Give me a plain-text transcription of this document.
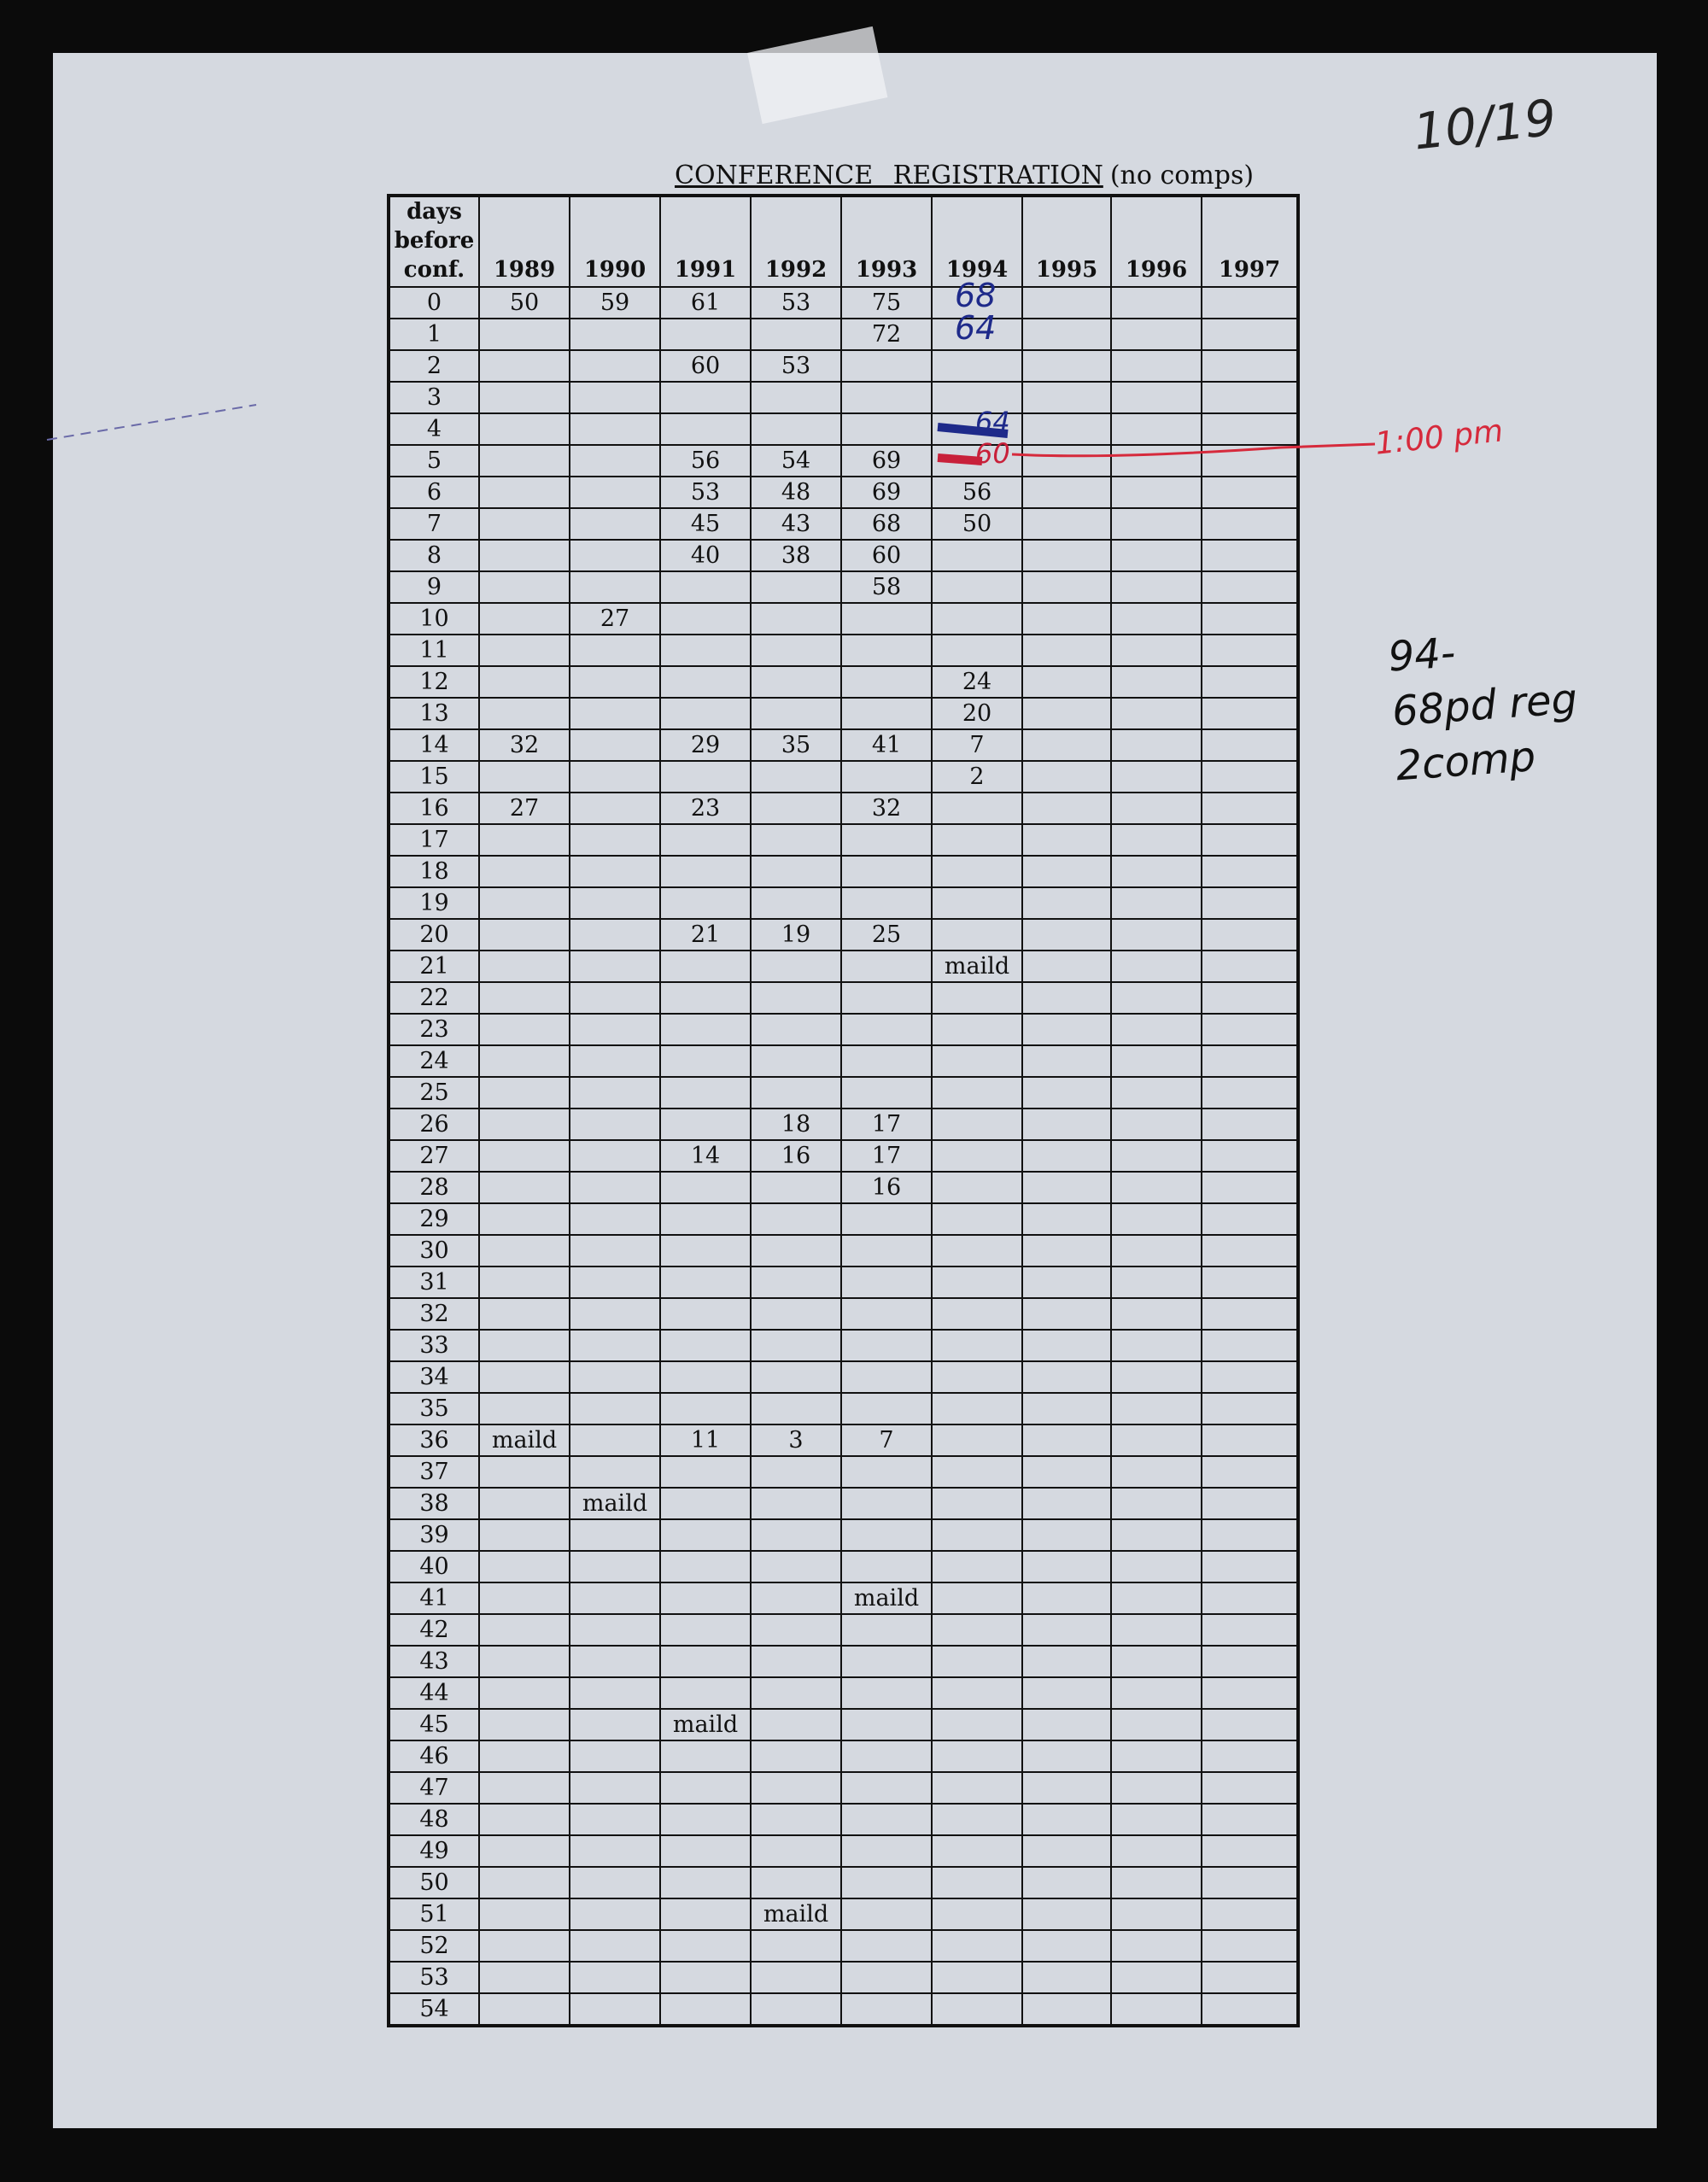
CONFERENCE REGISTRATION (no comps)
days before conf.	1989	1990	1991	1992	1993	1994	1995	1996	1997
0	50	59	61	53	75				
1					72				
2			60	53					
3									
4									
5			56	54	69				
6			53	48	69	56			
7			45	43	68	50			
8			40	38	60				
9					58				
10		27							
11									
12						24			
13						20			
14	32		29	35	41	7			
15						2			
16	27		23		32				
17									
18									
19									
20			21	19	25				
21						maild			
22									
23									
24									
25									
26				18	17				
27			14	16	17				
28					16				
29									
30									
31									
32									
33									
34									
35									
36	maild		11	3	7				
37									
38		maild							
39									
40									
41					maild				
42									
43									
44									
45			maild						
46									
47									
48									
49									
50									
51				maild					
52									
53									
54									
10/19
68
64
64
60	1:00 pm
94-
68pd reg
2comp
